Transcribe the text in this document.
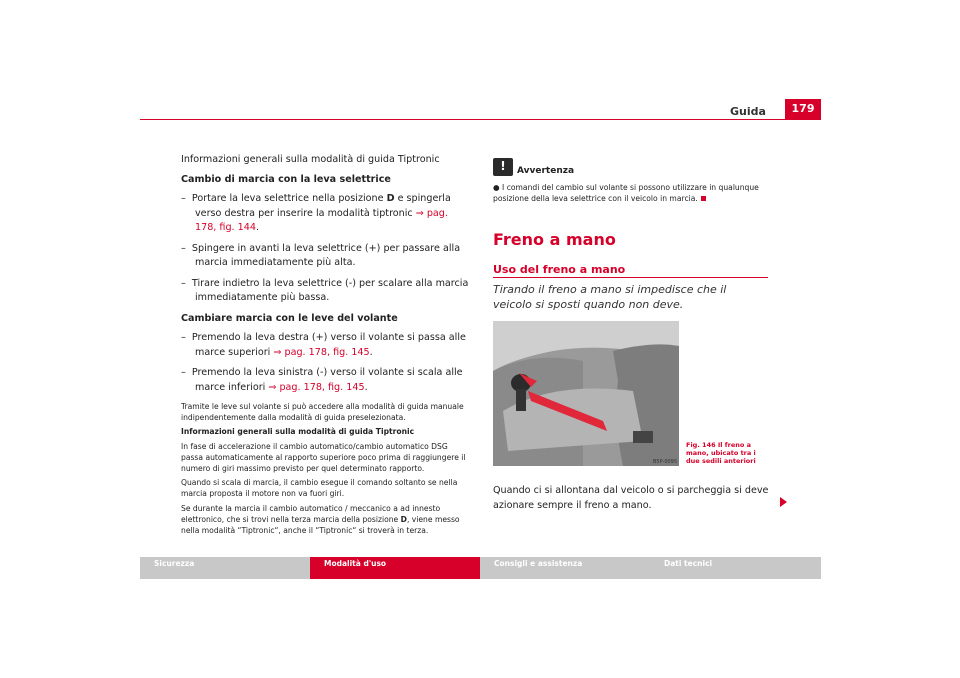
Guida	179

Informazioni generali sulla modalità di guida Tiptronic

Cambio di marcia con la leva selettrice

–  Portare la leva selettrice nella posizione D e spingerla verso destra per inserire la modalità tiptronic ⇒ pag. 178, fig. 144.

–  Spingere in avanti la leva selettrice (+) per passare alla marcia immediatamente più alta.

–  Tirare indietro la leva selettrice (-) per scalare alla marcia immediatamente più bassa.

Cambiare marcia con le leve del volante

–  Premendo la leva destra (+) verso il volante si passa alle marce superiori ⇒ pag. 178, fig. 145.

–  Premendo la leva sinistra (-) verso il volante si scala alle marce inferiori ⇒ pag. 178, fig. 145.

Tramite le leve sul volante si può accedere alla modalità di guida manuale indipendentemente dalla modalità di guida preselezionata.

Informazioni generali sulla modalità di guida Tiptronic

In fase di accelerazione il cambio automatico/cambio automatico DSG passa automaticamente al rapporto superiore poco prima di raggiungere il numero di giri massimo previsto per quel determinato rapporto.

Quando si scala di marcia, il cambio esegue il comando soltanto se nella marcia proposta il motore non va fuori giri.

Se durante la marcia il cambio automatico / meccanico a ad innesto elettronico, che si trovi nella terza marcia della posizione D, viene messo nella modalità “Tiptronic“, anche il “Tiptronic“ si troverà in terza.

!
Avvertenza
● I comandi del cambio sul volante si possono utilizzare in qualunque posizione della leva selettrice con il veicolo in marcia.
Freno a mano
Uso del freno a mano
Tirando il freno a mano si impedisce che il veicolo si sposti quando non deve.
B5P-0095
Fig. 146 Il freno a mano, ubicato tra i due sedili anteriori
Quando ci si allontana dal veicolo o si parcheggia si deve azionare sempre il freno a mano.
Sicurezza	Modalità d'uso	Consigli e assistenza	Dati tecnici
